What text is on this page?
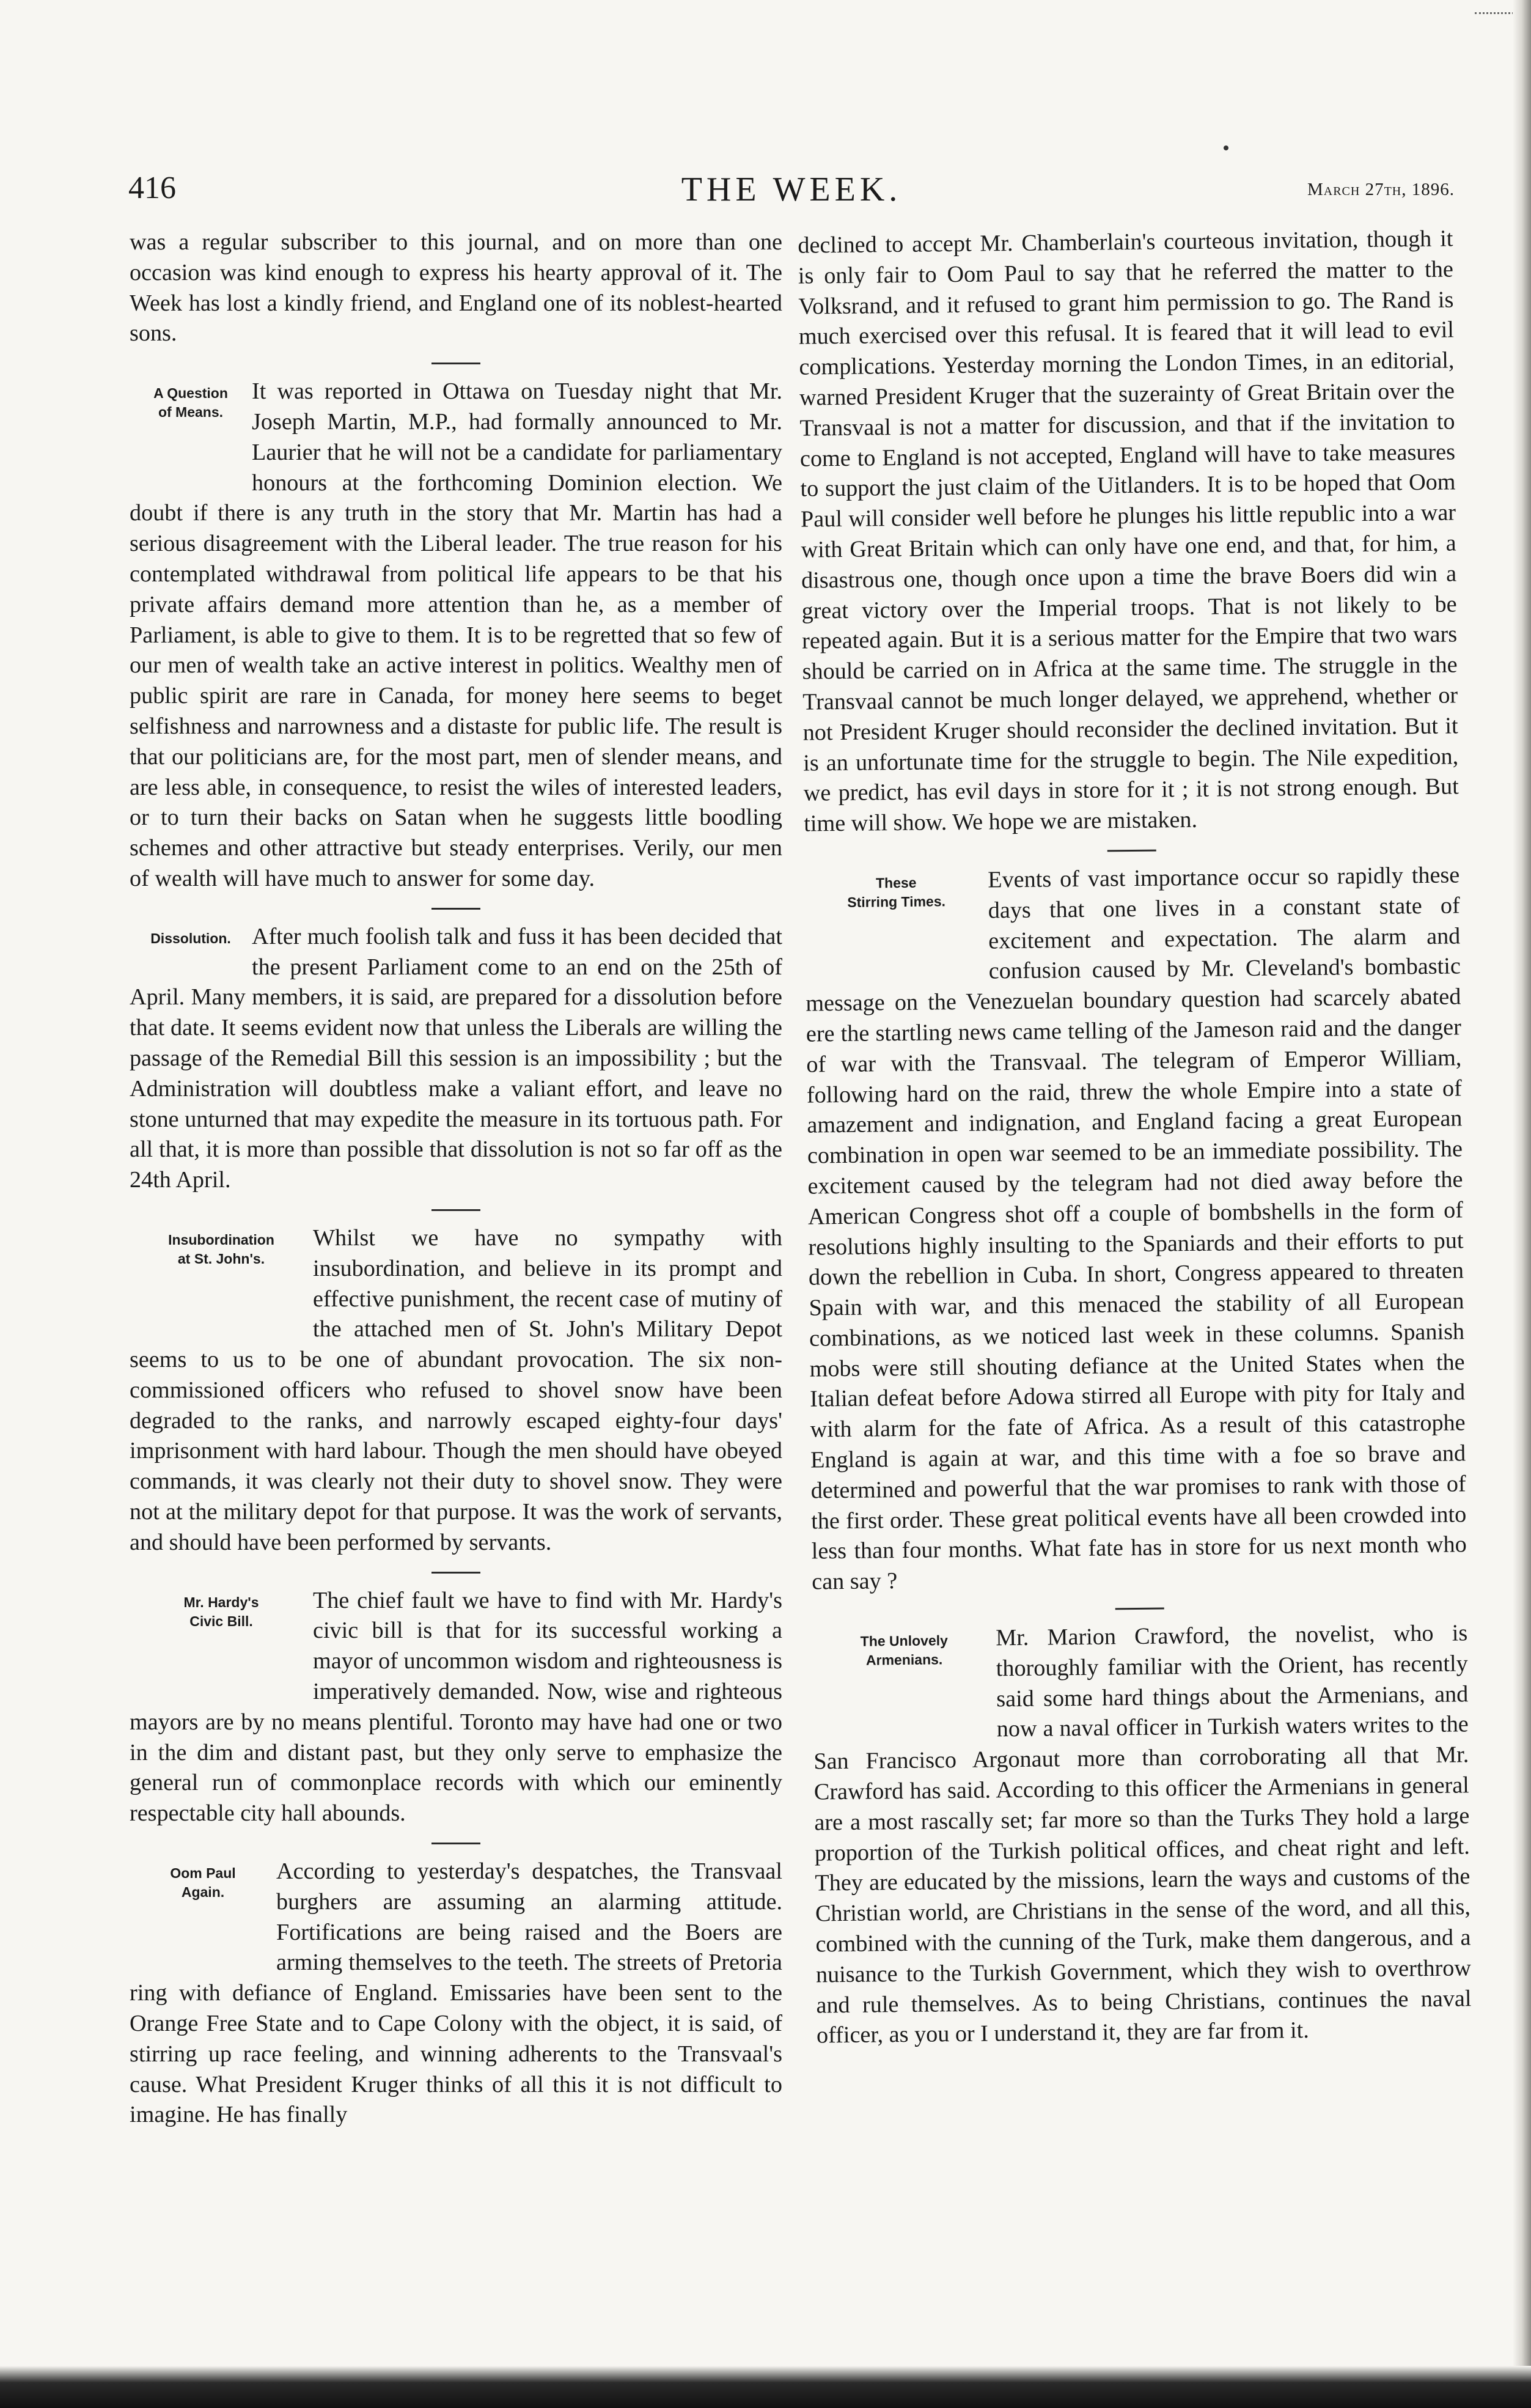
416	THE WEEK.	March 27th, 1896.

was a regular subscriber to this journal, and on more than one occasion was kind enough to express his hearty approval of it. The Week has lost a kindly friend, and England one of its noblest-hearted sons.

A Question
of Means.

It was reported in Ottawa on Tuesday night that Mr. Joseph Martin, M.P., had formally announced to Mr. Laurier that he will not be a candidate for parliamentary honours at the forthcoming Dominion election. We doubt if there is any truth in the story that Mr. Martin has had a serious disagreement with the Liberal leader. The true reason for his contemplated withdrawal from political life appears to be that his private affairs demand more attention than he, as a member of Parliament, is able to give to them. It is to be regretted that so few of our men of wealth take an active interest in politics. Wealthy men of public spirit are rare in Canada, for money here seems to beget selfishness and narrowness and a distaste for public life. The result is that our politicians are, for the most part, men of slender means, and are less able, in consequence, to resist the wiles of interested leaders, or to turn their backs on Satan when he suggests little boodling schemes and other attractive but steady enterprises. Verily, our men of wealth will have much to answer for some day.

Dissolution. After much foolish talk and fuss it has been decided that the present Parliament come to an end on the 25th of April. Many members, it is said, are prepared for a dissolution before that date. It seems evident now that unless the Liberals are willing the passage of the Remedial Bill this session is an impossibility ; but the Administration will doubtless make a valiant effort, and leave no stone unturned that may expedite the measure in its tortuous path. For all that, it is more than possible that dissolution is not so far off as the 24th April.

Insubordination
at St. John's.

Whilst we have no sympathy with insubordination, and believe in its prompt and effective punishment, the recent case of mutiny of the attached men of St. John's Military Depot seems to us to be one of abundant provocation. The six non-commissioned officers who refused to shovel snow have been degraded to the ranks, and narrowly escaped eighty-four days' imprisonment with hard labour. Though the men should have obeyed commands, it was clearly not their duty to shovel snow. They were not at the military depot for that purpose. It was the work of servants, and should have been performed by servants.

Mr. Hardy's
Civic Bill.

The chief fault we have to find with Mr. Hardy's civic bill is that for its successful working a mayor of uncommon wisdom and righteousness is imperatively demanded. Now, wise and righteous mayors are by no means plentiful. Toronto may have had one or two in the dim and distant past, but they only serve to emphasize the general run of commonplace records with which our eminently respectable city hall abounds.

Oom Paul
Again.

According to yesterday's despatches, the Transvaal burghers are assuming an alarming attitude. Fortifications are being raised and the Boers are arming themselves to the teeth. The streets of Pretoria ring with defiance of England. Emissaries have been sent to the Orange Free State and to Cape Colony with the object, it is said, of stirring up race feeling, and winning adherents to the Transvaal's cause. What President Kruger thinks of all this it is not difficult to imagine. He has finally

declined to accept Mr. Chamberlain's courteous invitation, though it is only fair to Oom Paul to say that he referred the matter to the Volksrand, and it refused to grant him permission to go. The Rand is much exercised over this refusal. It is feared that it will lead to evil complications. Yesterday morning the London Times, in an editorial, warned President Kruger that the suzerainty of Great Britain over the Transvaal is not a matter for discussion, and that if the invitation to come to England is not accepted, England will have to take measures to support the just claim of the Uitlanders. It is to be hoped that Oom Paul will consider well before he plunges his little republic into a war with Great Britain which can only have one end, and that, for him, a disastrous one, though once upon a time the brave Boers did win a great victory over the Imperial troops. That is not likely to be repeated again. But it is a serious matter for the Empire that two wars should be carried on in Africa at the same time. The struggle in the Transvaal cannot be much longer delayed, we apprehend, whether or not President Kruger should reconsider the declined invitation. But it is an unfortunate time for the struggle to begin. The Nile expedition, we predict, has evil days in store for it ; it is not strong enough. But time will show. We hope we are mistaken.

These
Stirring Times.

Events of vast importance occur so rapidly these days that one lives in a constant state of excitement and expectation. The alarm and confusion caused by Mr. Cleveland's bombastic message on the Venezuelan boundary question had scarcely abated ere the startling news came telling of the Jameson raid and the danger of war with the Transvaal. The telegram of Emperor William, following hard on the raid, threw the whole Empire into a state of amazement and indignation, and England facing a great European combination in open war seemed to be an immediate possibility. The excitement caused by the telegram had not died away before the American Congress shot off a couple of bombshells in the form of resolutions highly insulting to the Spaniards and their efforts to put down the rebellion in Cuba. In short, Congress appeared to threaten Spain with war, and this menaced the stability of all European combinations, as we noticed last week in these columns. Spanish mobs were still shouting defiance at the United States when the Italian defeat before Adowa stirred all Europe with pity for Italy and with alarm for the fate of Africa. As a result of this catastrophe England is again at war, and this time with a foe so brave and determined and powerful that the war promises to rank with those of the first order. These great political events have all been crowded into less than four months. What fate has in store for us next month who can say ?

The Unlovely
Armenians.

Mr. Marion Crawford, the novelist, who is thoroughly familiar with the Orient, has recently said some hard things about the Armenians, and now a naval officer in Turkish waters writes to the San Francisco Argonaut more than corroborating all that Mr. Crawford has said. According to this officer the Armenians in general are a most rascally set; far more so than the Turks They hold a large proportion of the Turkish political offices, and cheat right and left. They are educated by the missions, learn the ways and customs of the Christian world, are Christians in the sense of the word, and all this, combined with the cunning of the Turk, make them dangerous, and a nuisance to the Turkish Government, which they wish to overthrow and rule themselves. As to being Christians, continues the naval officer, as you or I understand it, they are far from it.
